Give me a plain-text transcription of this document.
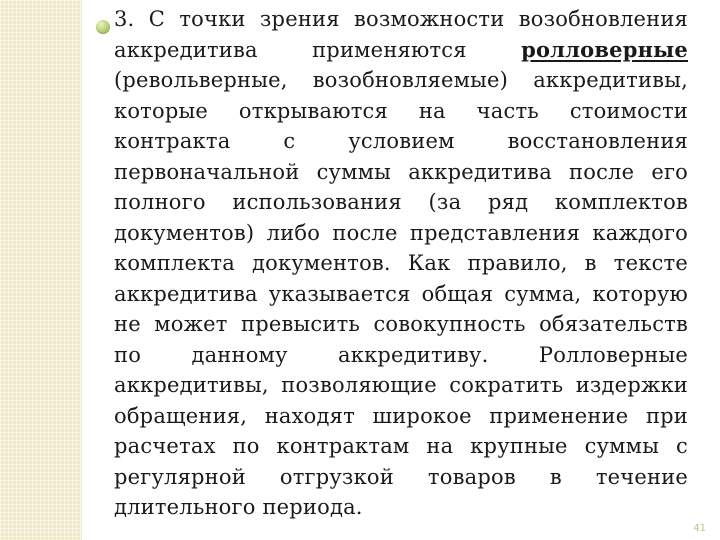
3. С точки зрения возможности возобновления аккредитива применяются ролловерные (револьверные, возобновляемые) аккредитивы, которые открываются на часть стоимости контракта с условием восстановления первоначальной суммы аккредитива после его полного использования (за ряд комплектов документов) либо после представления каждого комплекта документов. Как правило, в тексте аккредитива указывается общая сумма, которую не может превысить совокупность обязательств по данному аккредитиву. Ролловерные аккредитивы, позволяющие сократить издержки обращения, находят широкое применение при расчетах по контрактам на крупные суммы с регулярной отгрузкой товаров в течение длительного периода.

41
